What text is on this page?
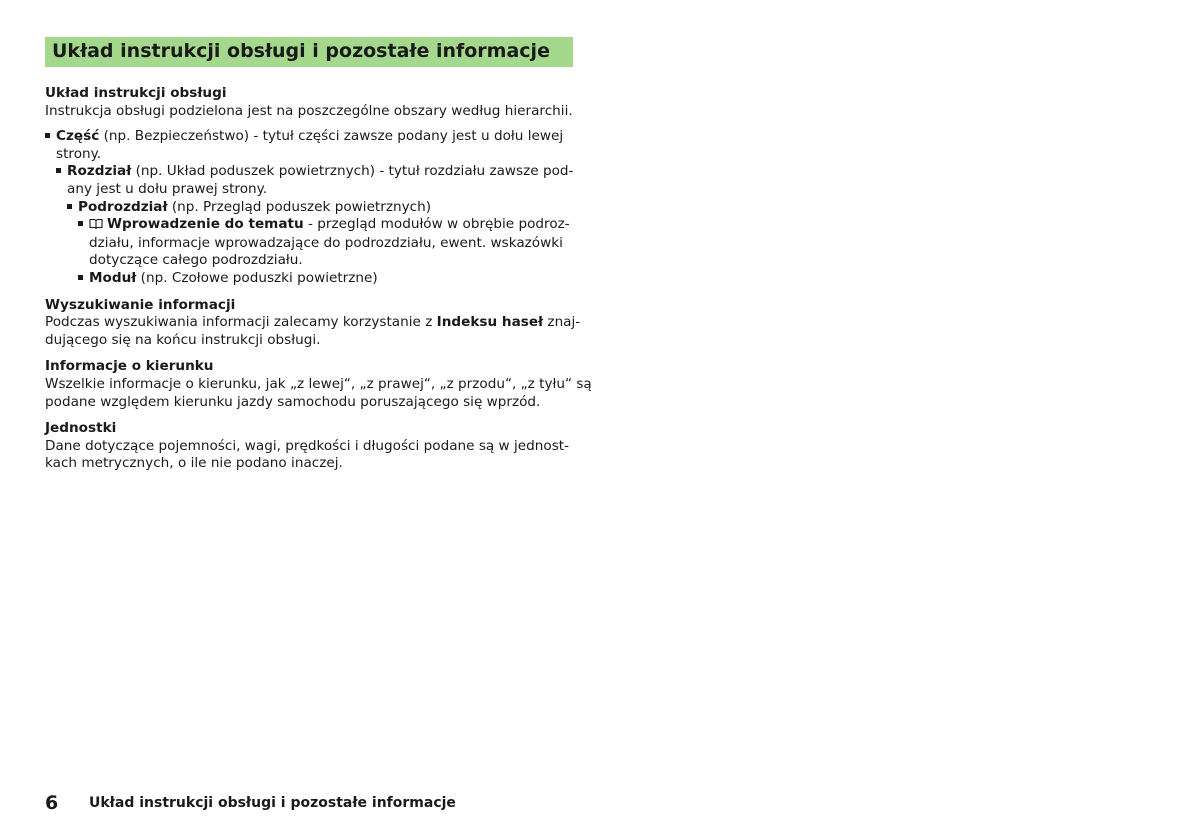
Układ instrukcji obsługi i pozostałe informacje
Układ instrukcji obsługi
Instrukcja obsługi podzielona jest na poszczególne obszary według hierarchii.
Część (np. Bezpieczeństwo) - tytuł części zawsze podany jest u dołu lewej
strony.
Rozdział (np. Układ poduszek powietrznych) - tytuł rozdziału zawsze pod-
any jest u dołu prawej strony.
Podrozdział (np. Przegląd poduszek powietrznych)
Wprowadzenie do tematu - przegląd modułów w obrębie podroz-
działu, informacje wprowadzające do podrozdziału, ewent. wskazówki
dotyczące całego podrozdziału.
Moduł (np. Czołowe poduszki powietrzne)
Wyszukiwanie informacji
Podczas wyszukiwania informacji zalecamy korzystanie z Indeksu haseł znaj-
dującego się na końcu instrukcji obsługi.
Informacje o kierunku
Wszelkie informacje o kierunku, jak „z lewej“, „z prawej“, „z przodu“, „z tyłu“ są
podane względem kierunku jazdy samochodu poruszającego się wprzód.
Jednostki
Dane dotyczące pojemności, wagi, prędkości i długości podane są w jednost-
kach metrycznych, o ile nie podano inaczej.
6 Układ instrukcji obsługi i pozostałe informacje
